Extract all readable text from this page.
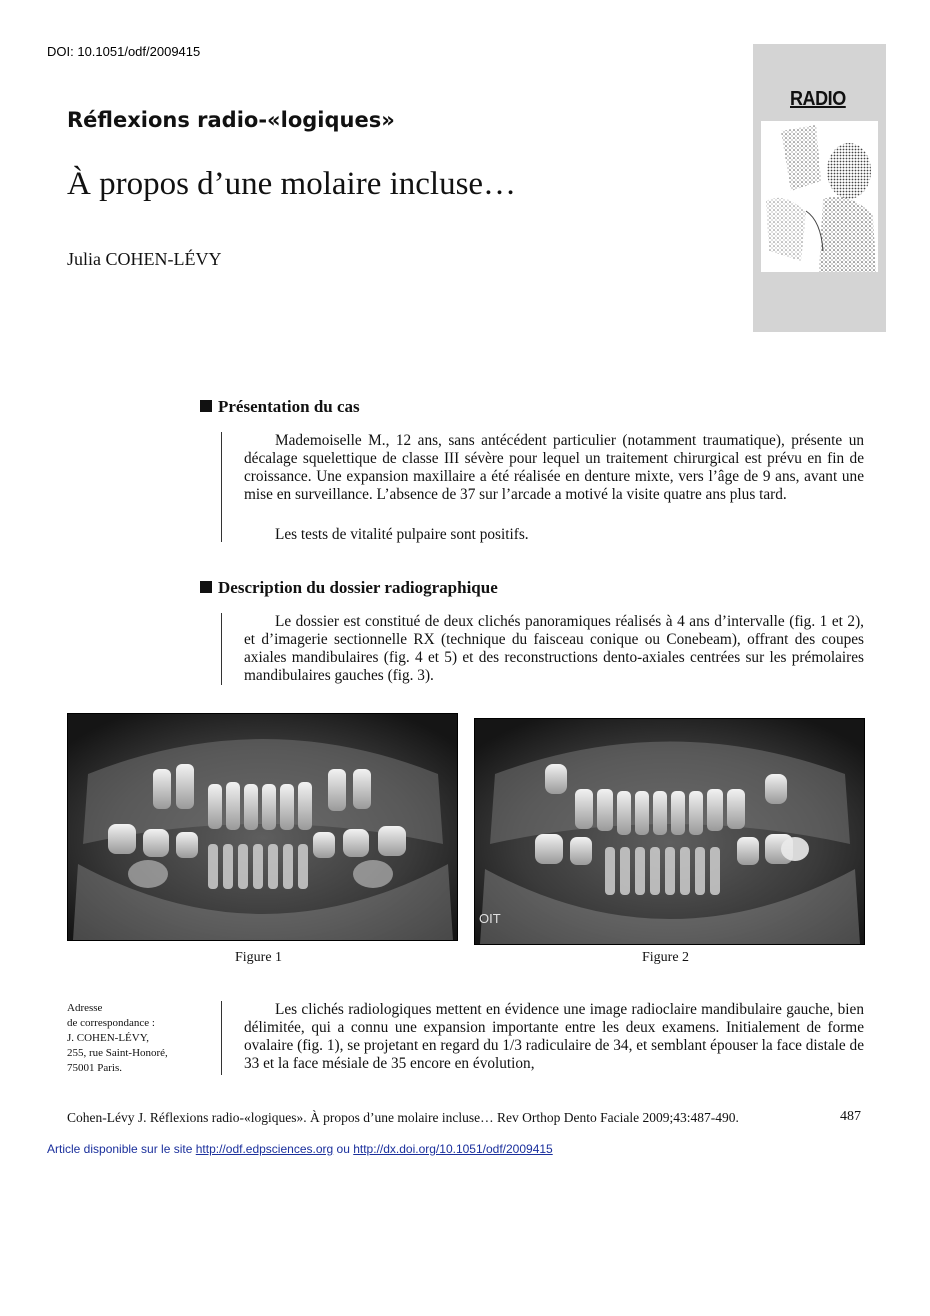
DOI: 10.1051/odf/2009415
Réflexions radio-«logiques»
À propos d’une molaire incluse…
Julia COHEN-LÉVY
RADIO
Présentation du cas

Mademoiselle M., 12 ans, sans antécédent particulier (notamment traumatique), présente un décalage squelettique de classe III sévère pour lequel un traitement chirurgical est prévu en fin de croissance. Une expansion maxillaire a été réalisée en denture mixte, vers l’âge de 9 ans, avant une mise en surveillance. L’absence de 37 sur l’arcade a motivé la visite quatre ans plus tard.

Les tests de vitalité pulpaire sont positifs.

Description du dossier radiographique

Le dossier est constitué de deux clichés panoramiques réalisés à 4 ans d’intervalle (fig. 1 et 2), et d’imagerie sectionnelle RX (technique du faisceau conique ou Conebeam), offrant des coupes axiales mandibulaires (fig. 4 et 5) et des reconstructions dento-axiales centrées sur les prémolaires mandibulaires gauches (fig. 3).

OIT
Figure 1	Figure 2
Adresse
de correspondance :
J. COHEN-LÉVY,
255, rue Saint-Honoré,
75001 Paris.

Les clichés radiologiques mettent en évidence une image radioclaire mandibulaire gauche, bien délimitée, qui a connu une expansion importante entre les deux examens. Initialement de forme ovalaire (fig. 1), se projetant en regard du 1/3 radiculaire de 34, et semblant épouser la face distale de 33 et la face mésiale de 35 encore en évolution,

Cohen-Lévy J. Réflexions radio-«logiques». À propos d’une molaire incluse… Rev Orthop Dento Faciale 2009;43:487-490.	487
Article disponible sur le site http://odf.edpsciences.org ou http://dx.doi.org/10.1051/odf/2009415
